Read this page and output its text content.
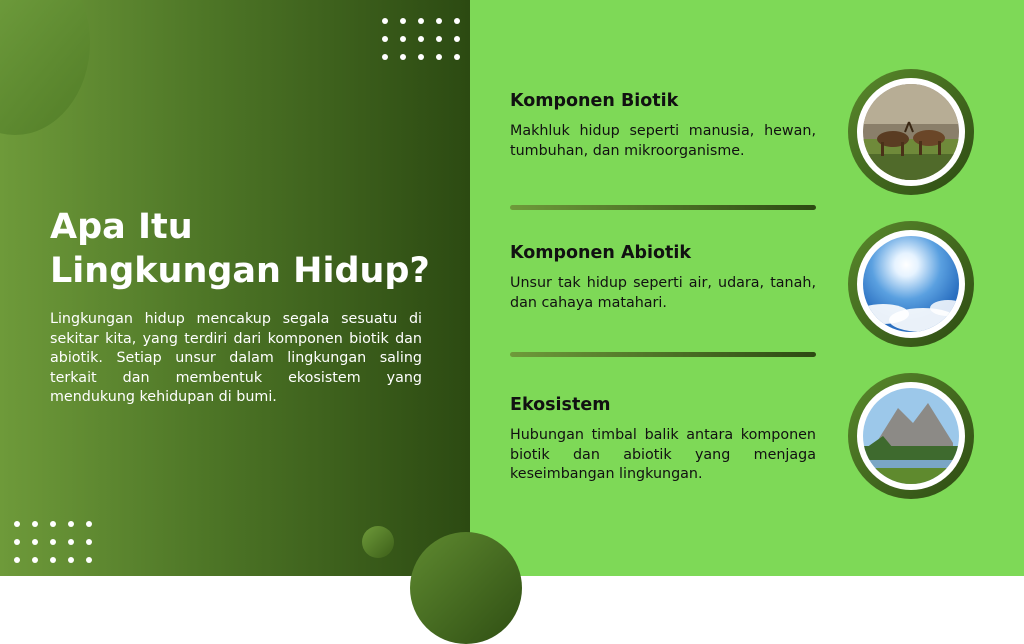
Apa Itu
Lingkungan Hidup?

Lingkungan hidup mencakup segala sesuatu di sekitar kita, yang terdiri dari komponen biotik dan abiotik. Setiap unsur dalam lingkungan saling terkait dan membentuk ekosistem yang mendukung kehidupan di bumi.

Komponen Biotik

Makhluk hidup seperti manusia, hewan, tumbuhan, dan mikroorganisme.

Komponen Abiotik

Unsur tak hidup seperti air, udara, tanah, dan cahaya matahari.

Ekosistem

Hubungan timbal balik antara komponen biotik dan abiotik yang menjaga keseimbangan lingkungan.
